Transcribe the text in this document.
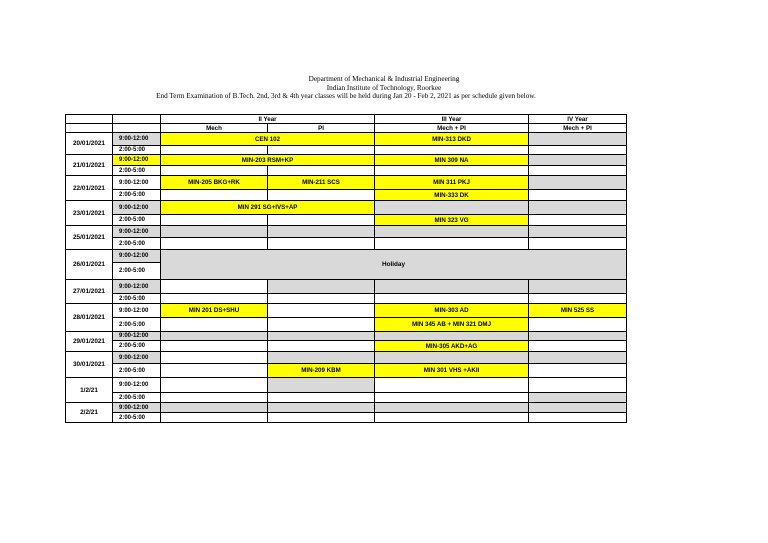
Department of Mechanical & Industrial Engineering
Indian Institute of Technology, Roorkee
End Term Examination of B.Tech. 2nd, 3rd & 4th year classes will be held during Jan 20 - Feb 2, 2021 as per schedule given below.
		II Year		III Year	IV Year
		Mech	PI	Mech + PI	Mech + PI
20/01/2021	9:00-12:00	CEN 102		MIN-313 DKD	
	2:00-5:00				
21/01/2021	9:00-12:00	MIN-203 RSM+KP		MIN 309 NA	
	2:00-5:00				
22/01/2021	9:00-12:00	MIN-205 BKG+RK	MIN-211 SCS	MIN 311 PKJ	
	2:00-5:00			MIN-333 DK	
23/01/2021	9:00-12:00	MIN 291 SG+IVS+AP			
	2:00-5:00			MIN 323 VG	
25/01/2021	9:00-12:00				
	2:00-5:00				
26/01/2021	9:00-12:00	Holiday			
	2:00-5:00				
27/01/2021	9:00-12:00				
	2:00-5:00				
28/01/2021	9:00-12:00	MIN 201 DS+SHU		MIN-303 AD	MIN 525 SS
	2:00-5:00			MIN 345 AB + MIN 321 DMJ	
29/01/2021	9:00-12:00				
	2:00-5:00			MIN-305 AKD+AG	
30/01/2021	9:00-12:00				
	2:00-5:00		MIN-209 KBM	MIN 301 VHS +AKII	
1/2/21	9:00-12:00				
	2:00-5:00				
2/2/21	9:00-12:00				
	2:00-5:00				
